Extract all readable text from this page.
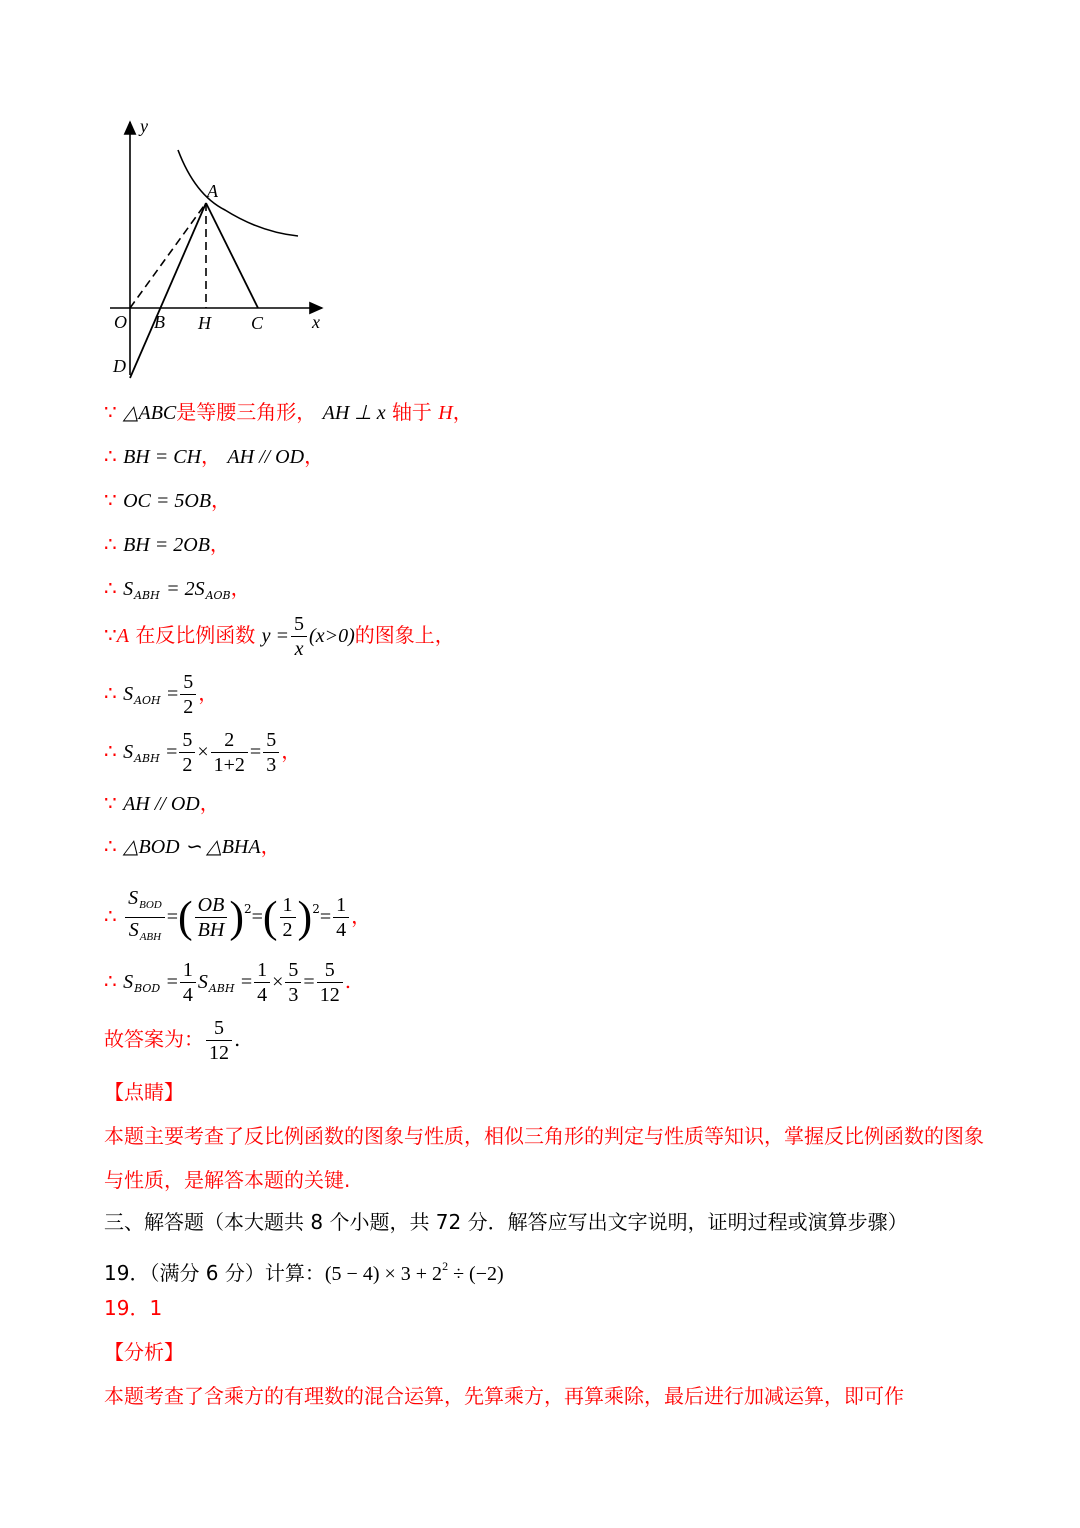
y
A
O B H C	x
D
∵ △ABC是等腰三角形， AH ⊥ x 轴于 H，
∴ BH = CH， AH // OD，
∵ OC = 5OB，
∴ BH = 2OB，
∴ $S_{ABH} = 2S_{AOB}$，
∵A 在反比例函数 $y = \frac{5}{x} (x>0)$的图象上，
∴ $S_{AOH} = \frac{5}{2}$ ，
∴ $S_{ABH} = \frac{5}{2} \times \frac{2}{1+2} = \frac{5}{3}$ ，
∵ AH // OD，
∴ △BOD ∽ △BHA，
∴ $\frac{S_{BOD}}{S_{ABH}}$ =( $\frac{OB}{BH} )^2=( \frac{1}{2} )^2= \frac{1}{4}$ ，
∴ $S_{BOD} = \frac{1}{4} S_{ABH} = \frac{1}{4} \times \frac{5}{3} = \frac{5}{12}$ .
故答案为： $\frac{5}{12}$ .
【点睛】
本题主要考查了反比例函数的图象与性质，相似三角形的判定与性质等知识，掌握反比例函数的图象与性质，是解答本题的关键.
三、解答题（本大题共 8 个小题，共 72 分．解答应写出文字说明，证明过程或演算步骤）
19．（满分 6 分）计算：$(5 - 4) \times 3 + 2^2 \div (-2)$
19．1
【分析】
本题考查了含乘方的有理数的混合运算，先算乘方，再算乘除，最后进行加减运算，即可作
